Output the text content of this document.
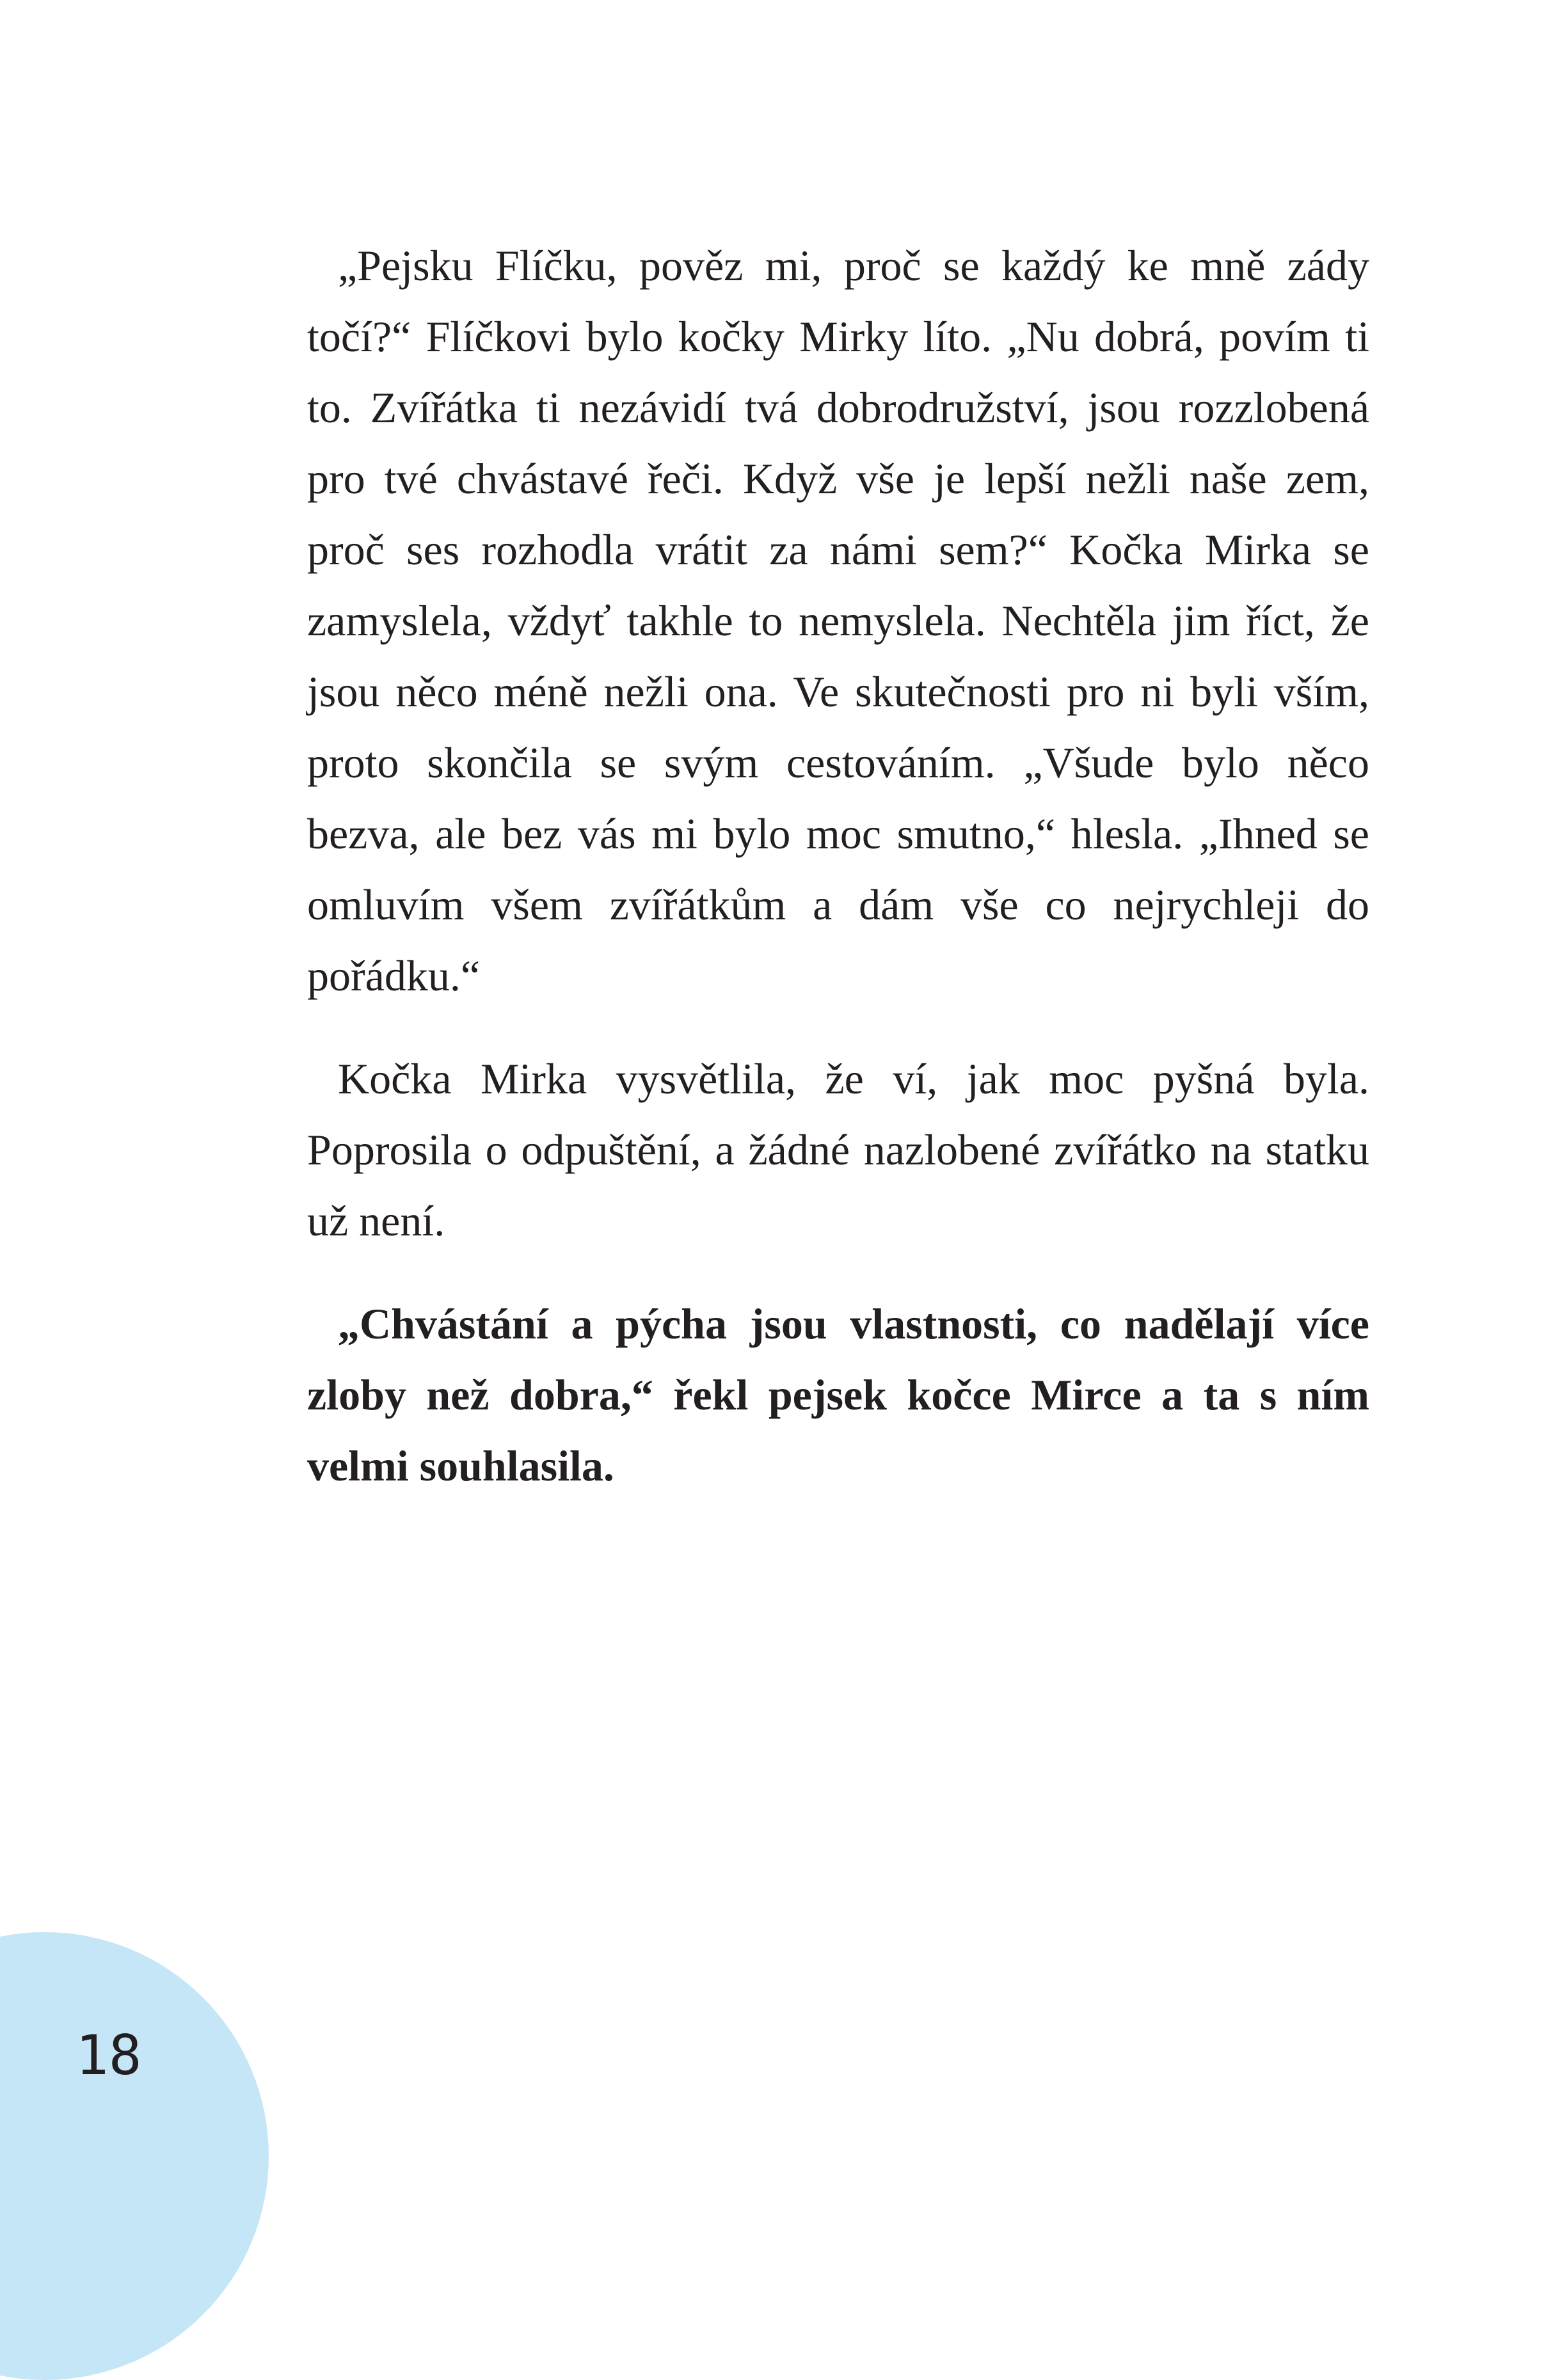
„Pejsku Flíčku, pověz mi, proč se každý ke mně zády točí?“ Flíčkovi bylo kočky Mirky líto. „Nu dobrá, povím ti to. Zvířátka ti nezávidí tvá dobrodružství, jsou rozzlobená pro tvé chvástavé řeči. Když vše je lepší nežli naše zem, proč ses rozhodla vrátit za námi sem?“ Kočka Mirka se zamyslela, vždyť takhle to nemyslela. Nechtěla jim říct, že jsou něco méně nežli ona. Ve skutečnosti pro ni byli vším, proto skončila se svým cestováním. „Všude bylo něco bezva, ale bez vás mi bylo moc smutno,“ hlesla. „Ihned se omluvím všem zvířátkům a dám vše co nejrychleji do pořádku.“

Kočka Mirka vysvětlila, že ví, jak moc pyšná byla. Poprosila o odpuštění, a žádné nazlobené zvířátko na statku už není.

„Chvástání a pýcha jsou vlastnosti, co nadělají více zloby než dobra,“ řekl pejsek kočce Mirce a ta s ním velmi souhlasila.

18
